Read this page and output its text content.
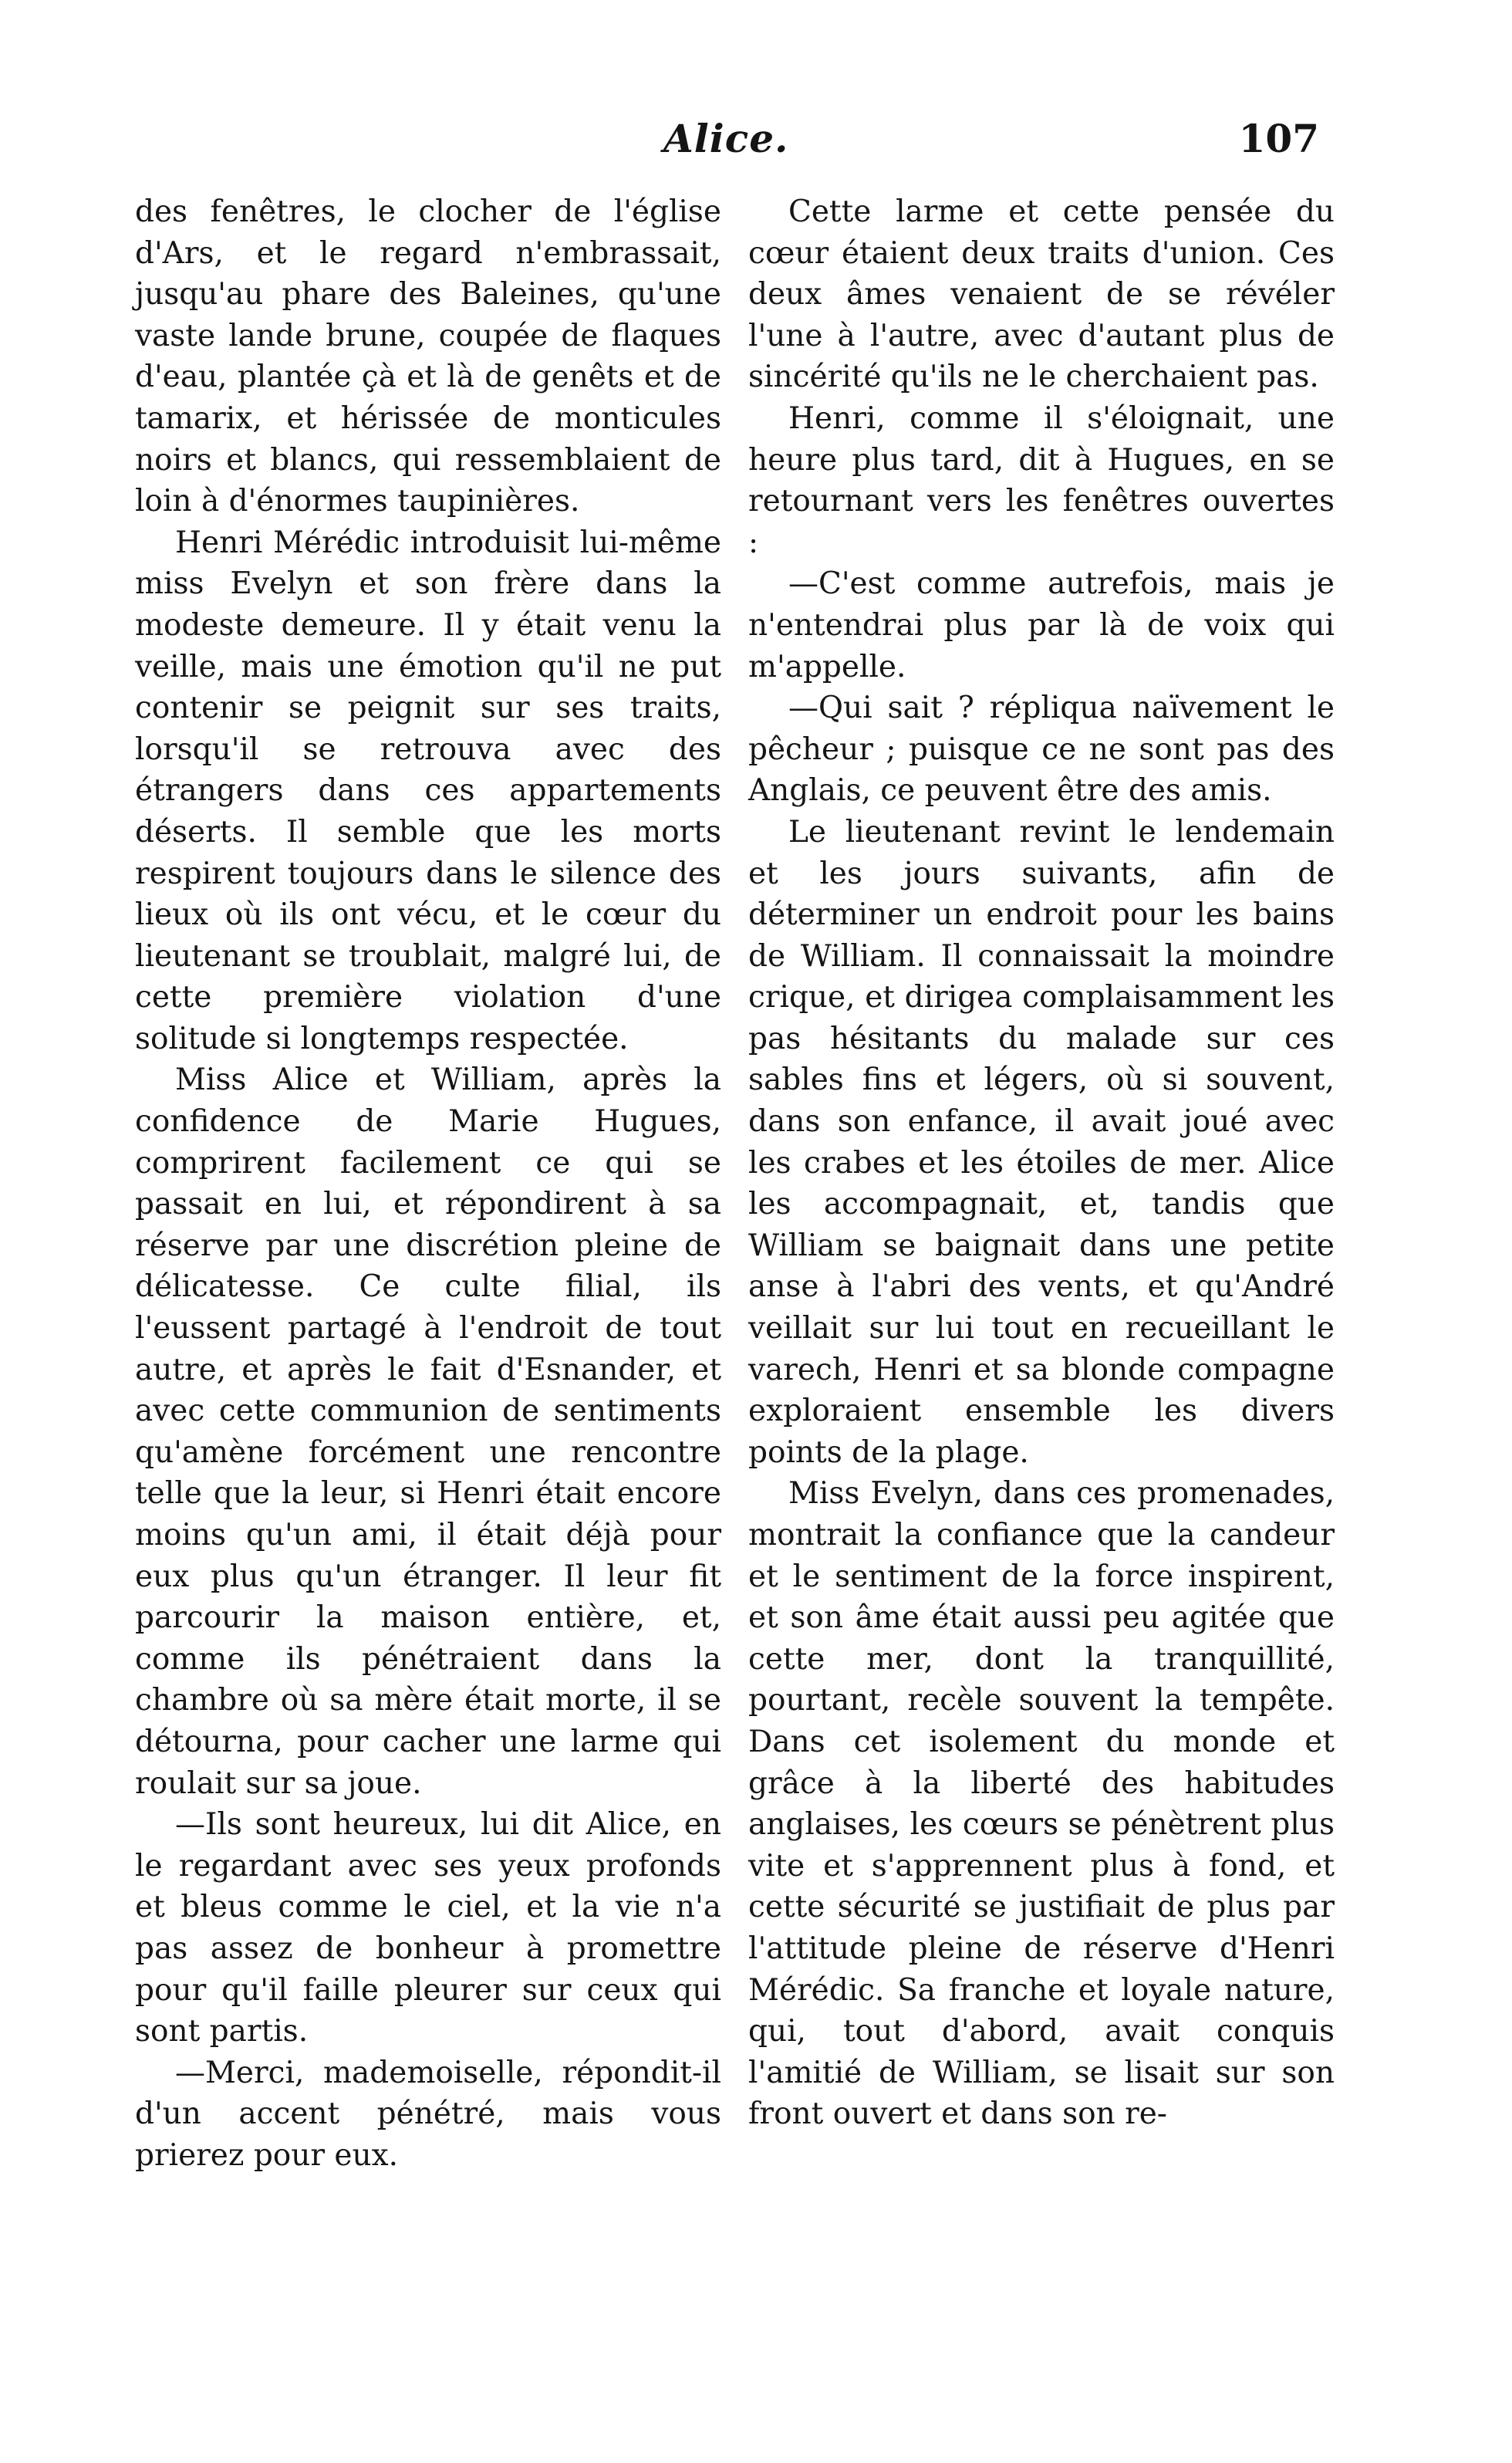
Alice.	107

des fenêtres, le clocher de l'église d'Ars, et le regard n'embrassait, jusqu'au phare des Baleines, qu'une vaste lande brune, coupée de flaques d'eau, plantée çà et là de genêts et de tamarix, et hérissée de monticules noirs et blancs, qui ressemblaient de loin à d'énormes taupinières.

Henri Mérédic introduisit lui-même miss Evelyn et son frère dans la modeste demeure. Il y était venu la veille, mais une émotion qu'il ne put contenir se peignit sur ses traits, lorsqu'il se retrouva avec des étrangers dans ces appartements déserts. Il semble que les morts respirent toujours dans le silence des lieux où ils ont vécu, et le cœur du lieutenant se troublait, malgré lui, de cette première violation d'une solitude si longtemps respectée.

Miss Alice et William, après la confidence de Marie Hugues, comprirent facilement ce qui se passait en lui, et répondirent à sa réserve par une discrétion pleine de délicatesse. Ce culte filial, ils l'eussent partagé à l'endroit de tout autre, et après le fait d'Esnander, et avec cette communion de sentiments qu'amène forcément une rencontre telle que la leur, si Henri était encore moins qu'un ami, il était déjà pour eux plus qu'un étranger. Il leur fit parcourir la maison entière, et, comme ils pénétraient dans la chambre où sa mère était morte, il se détourna, pour cacher une larme qui roulait sur sa joue.

—Ils sont heureux, lui dit Alice, en le regardant avec ses yeux profonds et bleus comme le ciel, et la vie n'a pas assez de bonheur à promettre pour qu'il faille pleurer sur ceux qui sont partis.

—Merci, mademoiselle, répondit-il d'un accent pénétré, mais vous prierez pour eux.

Cette larme et cette pensée du cœur étaient deux traits d'union. Ces deux âmes venaient de se révéler l'une à l'autre, avec d'autant plus de sincérité qu'ils ne le cherchaient pas.

Henri, comme il s'éloignait, une heure plus tard, dit à Hugues, en se retournant vers les fenêtres ouvertes :

—C'est comme autrefois, mais je n'entendrai plus par là de voix qui m'appelle.

—Qui sait ? répliqua naïvement le pêcheur ; puisque ce ne sont pas des Anglais, ce peuvent être des amis.

Le lieutenant revint le lendemain et les jours suivants, afin de déterminer un endroit pour les bains de William. Il connaissait la moindre crique, et dirigea complaisamment les pas hésitants du malade sur ces sables fins et légers, où si souvent, dans son enfance, il avait joué avec les crabes et les étoiles de mer. Alice les accompagnait, et, tandis que William se baignait dans une petite anse à l'abri des vents, et qu'André veillait sur lui tout en recueillant le varech, Henri et sa blonde compagne exploraient ensemble les divers points de la plage.

Miss Evelyn, dans ces promenades, montrait la confiance que la candeur et le sentiment de la force inspirent, et son âme était aussi peu agitée que cette mer, dont la tranquillité, pourtant, recèle souvent la tempête. Dans cet isolement du monde et grâce à la liberté des habitudes anglaises, les cœurs se pénètrent plus vite et s'apprennent plus à fond, et cette sécurité se justifiait de plus par l'attitude pleine de réserve d'Henri Mérédic. Sa franche et loyale nature, qui, tout d'abord, avait conquis l'amitié de William, se lisait sur son front ouvert et dans son re-
